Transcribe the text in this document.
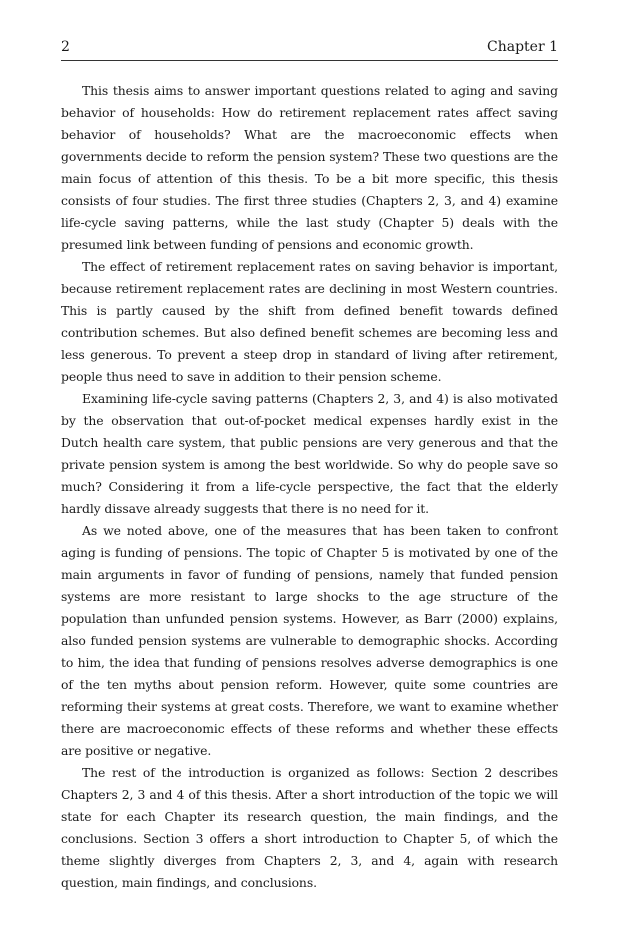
2	Chapter 1

This thesis aims to answer important questions related to aging and saving behavior of households: How do retirement replacement rates affect saving behavior of households? What are the macroeconomic effects when governments decide to reform the pension system? These two questions are the main focus of attention of this thesis. To be a bit more specific, this thesis consists of four studies. The first three studies (Chapters 2, 3, and 4) examine life-cycle saving patterns, while the last study (Chapter 5) deals with the presumed link between funding of pensions and economic growth.

The effect of retirement replacement rates on saving behavior is important, because retirement replacement rates are declining in most Western countries. This is partly caused by the shift from defined benefit towards defined contribution schemes. But also defined benefit schemes are becoming less and less generous. To prevent a steep drop in standard of living after retirement, people thus need to save in addition to their pension scheme.

Examining life-cycle saving patterns (Chapters 2, 3, and 4) is also motivated by the observation that out-of-pocket medical expenses hardly exist in the Dutch health care system, that public pensions are very generous and that the private pension system is among the best worldwide. So why do people save so much? Considering it from a life-cycle perspective, the fact that the elderly hardly dissave already suggests that there is no need for it.

As we noted above, one of the measures that has been taken to confront aging is funding of pensions. The topic of Chapter 5 is motivated by one of the main arguments in favor of funding of pensions, namely that funded pension systems are more resistant to large shocks to the age structure of the population than unfunded pension systems. However, as Barr (2000) explains, also funded pension systems are vulnerable to demographic shocks. According to him, the idea that funding of pensions resolves adverse demographics is one of the ten myths about pension reform. However, quite some countries are reforming their systems at great costs. Therefore, we want to examine whether there are macroeconomic effects of these reforms and whether these effects are positive or negative.

The rest of the introduction is organized as follows: Section 2 describes Chapters 2, 3 and 4 of this thesis. After a short introduction of the topic we will state for each Chapter its research question, the main findings, and the conclusions. Section 3 offers a short introduction to Chapter 5, of which the theme slightly diverges from Chapters 2, 3, and 4, again with research question, main findings, and conclusions.
